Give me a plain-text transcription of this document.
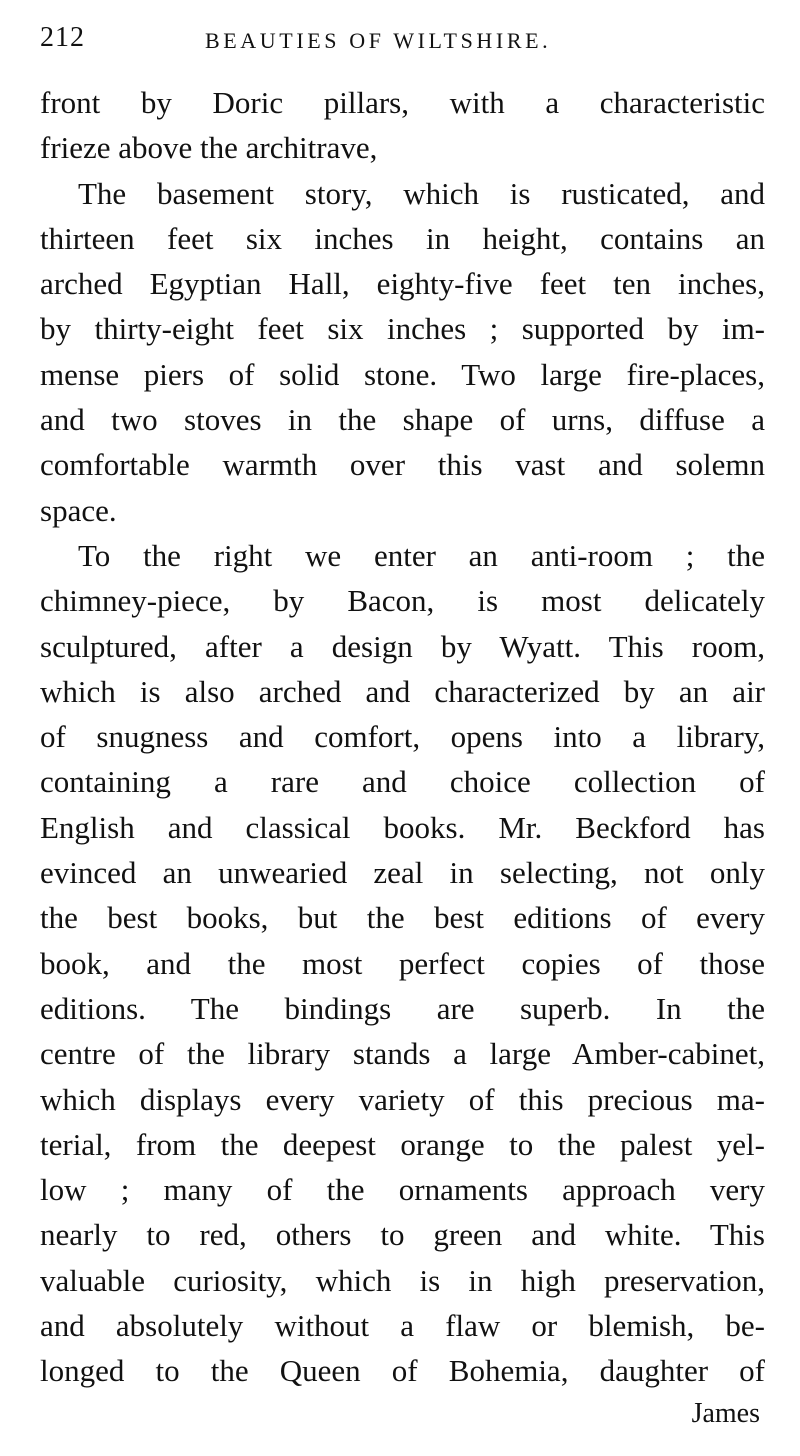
212	BEAUTIES OF WILTSHIRE.
front by Doric pillars, with a characteristic
frieze above the architrave,
The basement story, which is rusticated, and
thirteen feet six inches in height, contains an
arched Egyptian Hall, eighty-five feet ten inches,
by thirty-eight feet six inches ; supported by im-
mense piers of solid stone. Two large fire-places,
and two stoves in the shape of urns, diffuse a
comfortable warmth over this vast and solemn
space.
To the right we enter an anti-room ; the
chimney-piece, by Bacon, is most delicately
sculptured, after a design by Wyatt. This room,
which is also arched and characterized by an air
of snugness and comfort, opens into a library,
containing a rare and choice collection of
English and classical books. Mr. Beckford has
evinced an unwearied zeal in selecting, not only
the best books, but the best editions of every
book, and the most perfect copies of those
editions. The bindings are superb. In the
centre of the library stands a large Amber-cabinet,
which displays every variety of this precious ma-
terial, from the deepest orange to the palest yel-
low ; many of the ornaments approach very
nearly to red, others to green and white. This
valuable curiosity, which is in high preservation,
and absolutely without a flaw or blemish, be-
longed to the Queen of Bohemia, daughter of
James
